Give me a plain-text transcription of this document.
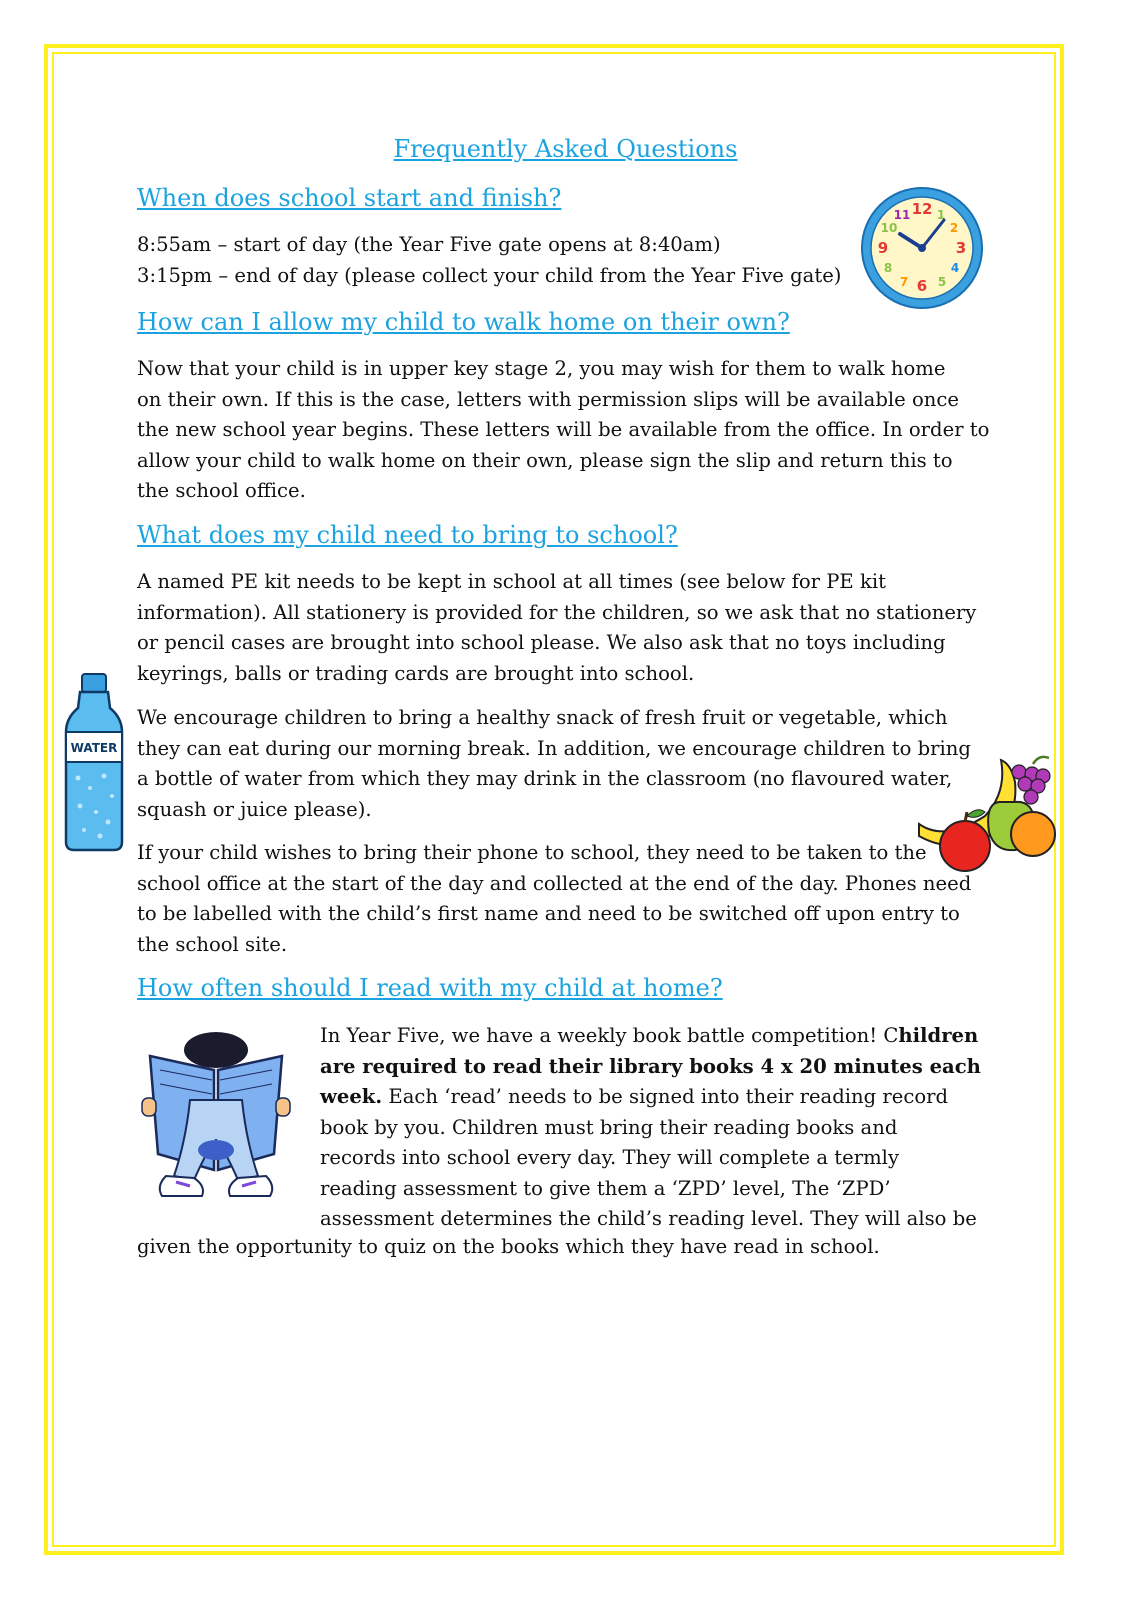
Frequently Asked Questions
When does school start and finish?

8:55am – start of day (the Year Five gate opens at 8:40am)

3:15pm – end of day (please collect your child from the Year Five gate)

12 1
2
3
4
5
6
7
8
9
10
11
How can I allow my child to walk home on their own?

Now that your child is in upper key stage 2, you may wish for them to walk home

on their own. If this is the case, letters with permission slips will be available once

the new school year begins. These letters will be available from the office. In order to

allow your child to walk home on their own, please sign the slip and return this to

the school office.

What does my child need to bring to school?

A named PE kit needs to be kept in school at all times (see below for PE kit

information). All stationery is provided for the children, so we ask that no stationery

or pencil cases are brought into school please. We also ask that no toys including

keyrings, balls or trading cards are brought into school.

We encourage children to bring a healthy snack of fresh fruit or vegetable, which

they can eat during our morning break. In addition, we encourage children to bring

a bottle of water from which they may drink in the classroom (no flavoured water,

squash or juice please).

If your child wishes to bring their phone to school, they need to be taken to the

school office at the start of the day and collected at the end of the day. Phones need

to be labelled with the child’s first name and need to be switched off upon entry to

the school site.

WATER
How often should I read with my child at home?

In Year Five, we have a weekly book battle competition! Children

are required to read their library books 4 x 20 minutes each

week. Each ‘read’ needs to be signed into their reading record

book by you. Children must bring their reading books and

records into school every day. They will complete a termly

reading assessment to give them a ‘ZPD’ level, The ‘ZPD’

assessment determines the child’s reading level. They will also be

given the opportunity to quiz on the books which they have read in school.
